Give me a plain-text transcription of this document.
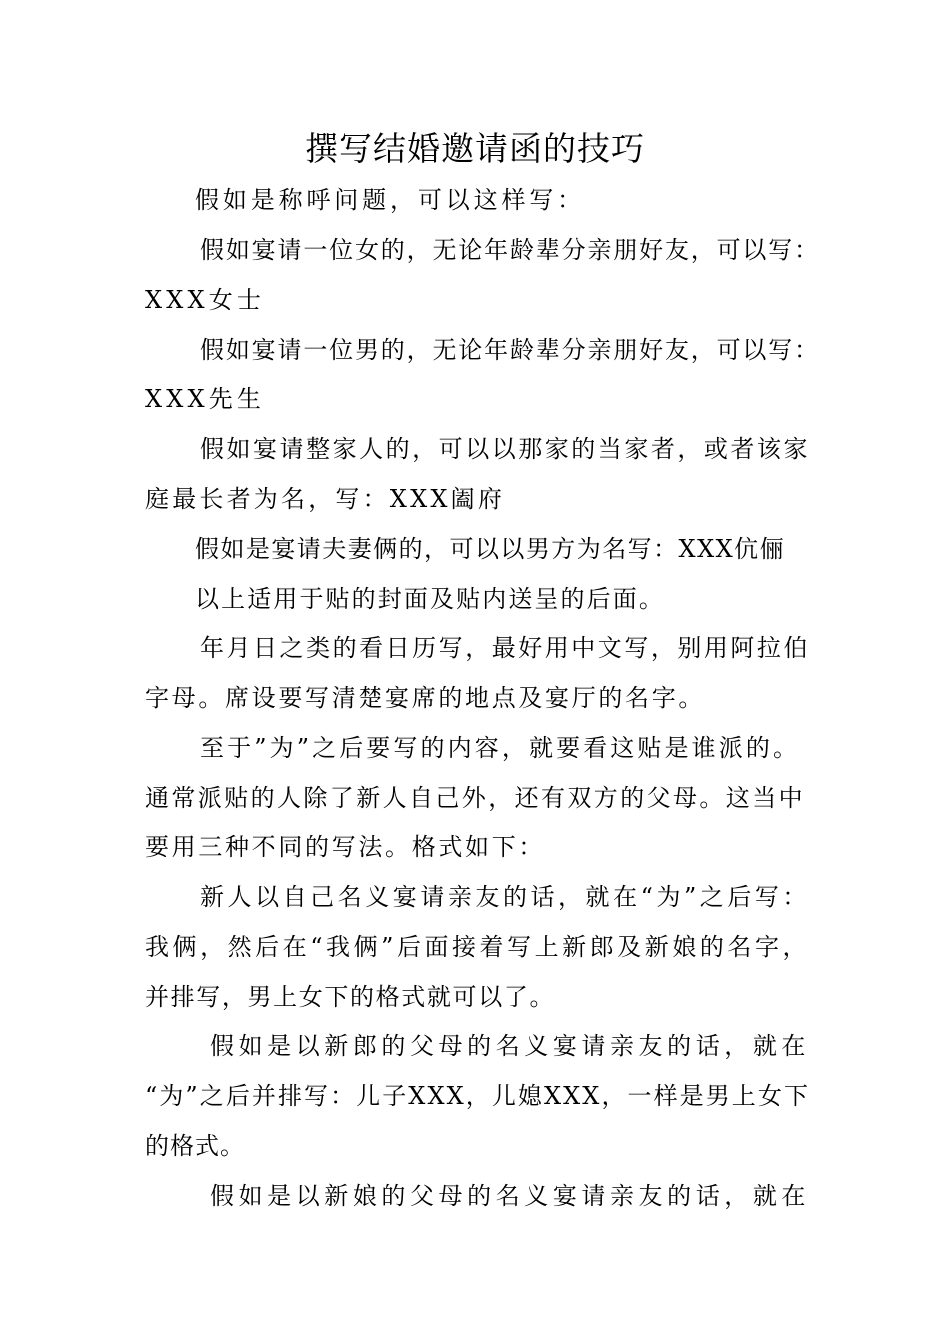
撰写结婚邀请函的技巧
假如是称呼问题，可以这样写：
假如宴请一位女的，无论年龄辈分亲朋好友，可以写：
XXX女士
假如宴请一位男的，无论年龄辈分亲朋好友，可以写：
XXX先生
假如宴请整家人的，可以以那家的当家者，或者该家
庭最长者为名，写：XXX阖府
假如是宴请夫妻俩的，可以以男方为名写：XXX伉俪
以上适用于贴的封面及贴内送呈的后面。
年月日之类的看日历写，最好用中文写，别用阿拉伯
字母。席设要写清楚宴席的地点及宴厅的名字。
至于”为”之后要写的内容，就要看这贴是谁派的。
通常派贴的人除了新人自己外，还有双方的父母。这当中
要用三种不同的写法。格式如下：
新人以自己名义宴请亲友的话，就在“为”之后写：
我俩，然后在“我俩”后面接着写上新郎及新娘的名字，
并排写，男上女下的格式就可以了。
假如是以新郎的父母的名义宴请亲友的话，就在
“为”之后并排写：儿子XXX，儿媳XXX，一样是男上女下
的格式。
假如是以新娘的父母的名义宴请亲友的话，就在
